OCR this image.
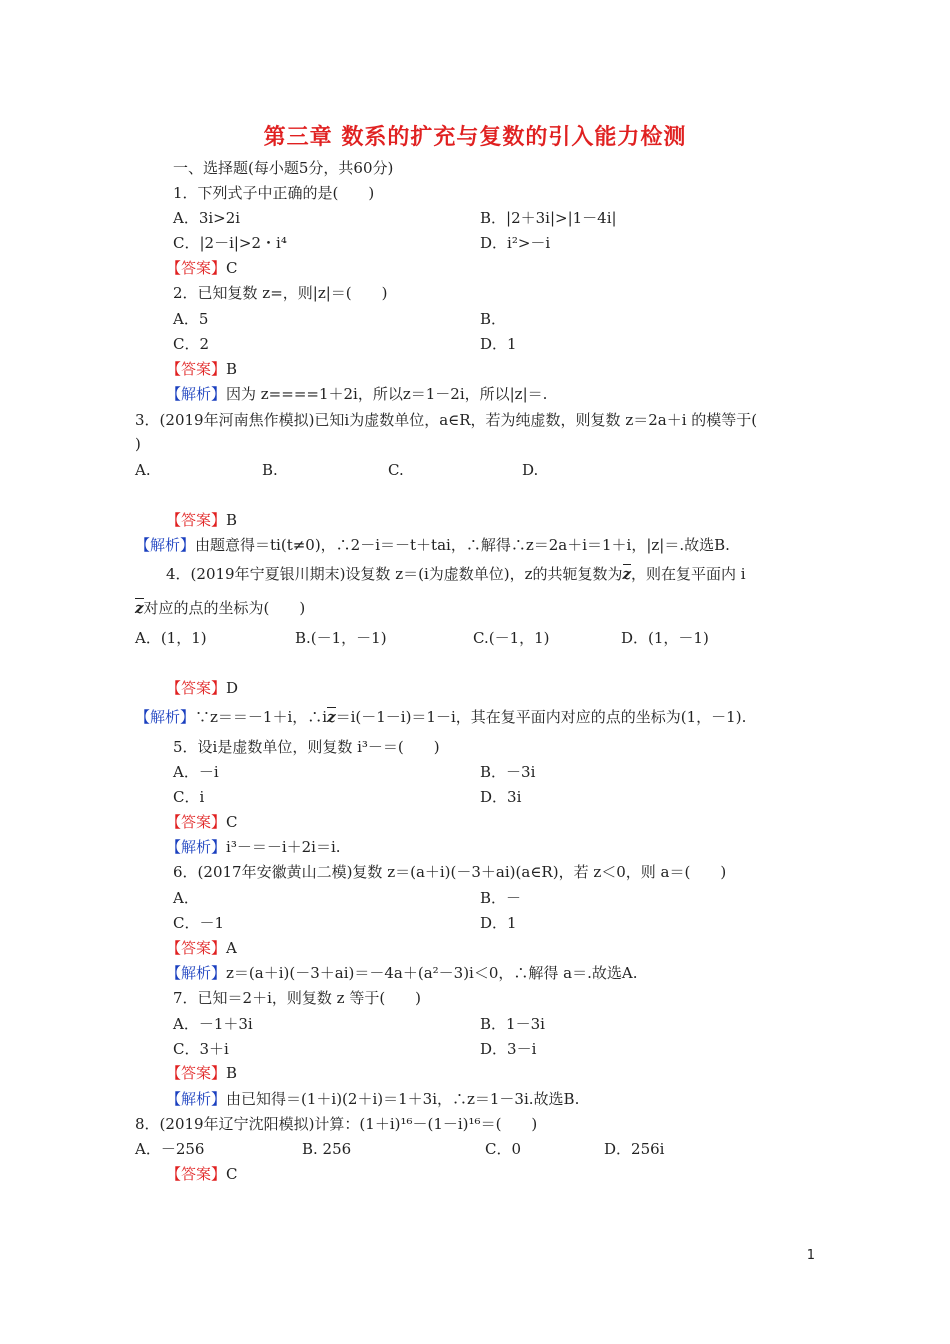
第三章 数系的扩充与复数的引入能力检测
一、选择题(每小题5分，共60分)
1．下列式子中正确的是(　　)
A．3i>2i	B．|2＋3i|>|1－4i|
C．|2－i|>2・i⁴	D．i²>－i
【答案】C
2．已知复数 z=，则|z|＝(　　)
A．5	B．
C．2	D．1
【答案】B
【解析】因为 z====1＋2i，所以z＝1－2i，所以|z|＝.
3．(2019年河南焦作模拟)已知i为虚数单位，a∈R，若为纯虚数，则复数 z＝2a＋i 的模等于(
)
A.	B.	C.	D.
【答案】B
【解析】由题意得＝ti(t≠0)，∴2－i＝－t＋tai，∴解得∴z＝2a＋i＝1＋i，|z|＝.故选B.
4．(2019年宁夏银川期末)设复数 z＝(i为虚数单位)，z的共轭复数为z，则在复平面内 i
z对应的点的坐标为(　　)
A．(1，1)	B.(－1，－1)	C.(－1，1)	D．(1，－1)
【答案】D
【解析】∵z＝＝－1＋i，∴iz＝i(－1－i)＝1－i，其在复平面内对应的点的坐标为(1，－1).
5．设i是虚数单位，则复数 i³－＝(　　)
A．－i	B．－3i
C．i	D．3i
【答案】C
【解析】i³－＝－i＋2i＝i.
6．(2017年安徽黄山二模)复数 z＝(a＋i)(－3＋ai)(a∈R)，若 z＜0，则 a＝(　　)
A．	B．－
C．－1	D．1
【答案】A
【解析】z＝(a＋i)(－3＋ai)＝－4a＋(a²－3)i＜0，∴解得 a＝.故选A.
7．已知＝2＋i，则复数 z 等于(　　)
A．－1＋3i	B．1－3i
C．3＋i	D．3－i
【答案】B
【解析】由已知得＝(1＋i)(2＋i)＝1＋3i，∴z＝1－3i.故选B.
8．(2019年辽宁沈阳模拟)计算：(1＋i)¹⁶－(1－i)¹⁶＝(　　)
A．－256	B. 256	C．0	D．256i
【答案】C
1
